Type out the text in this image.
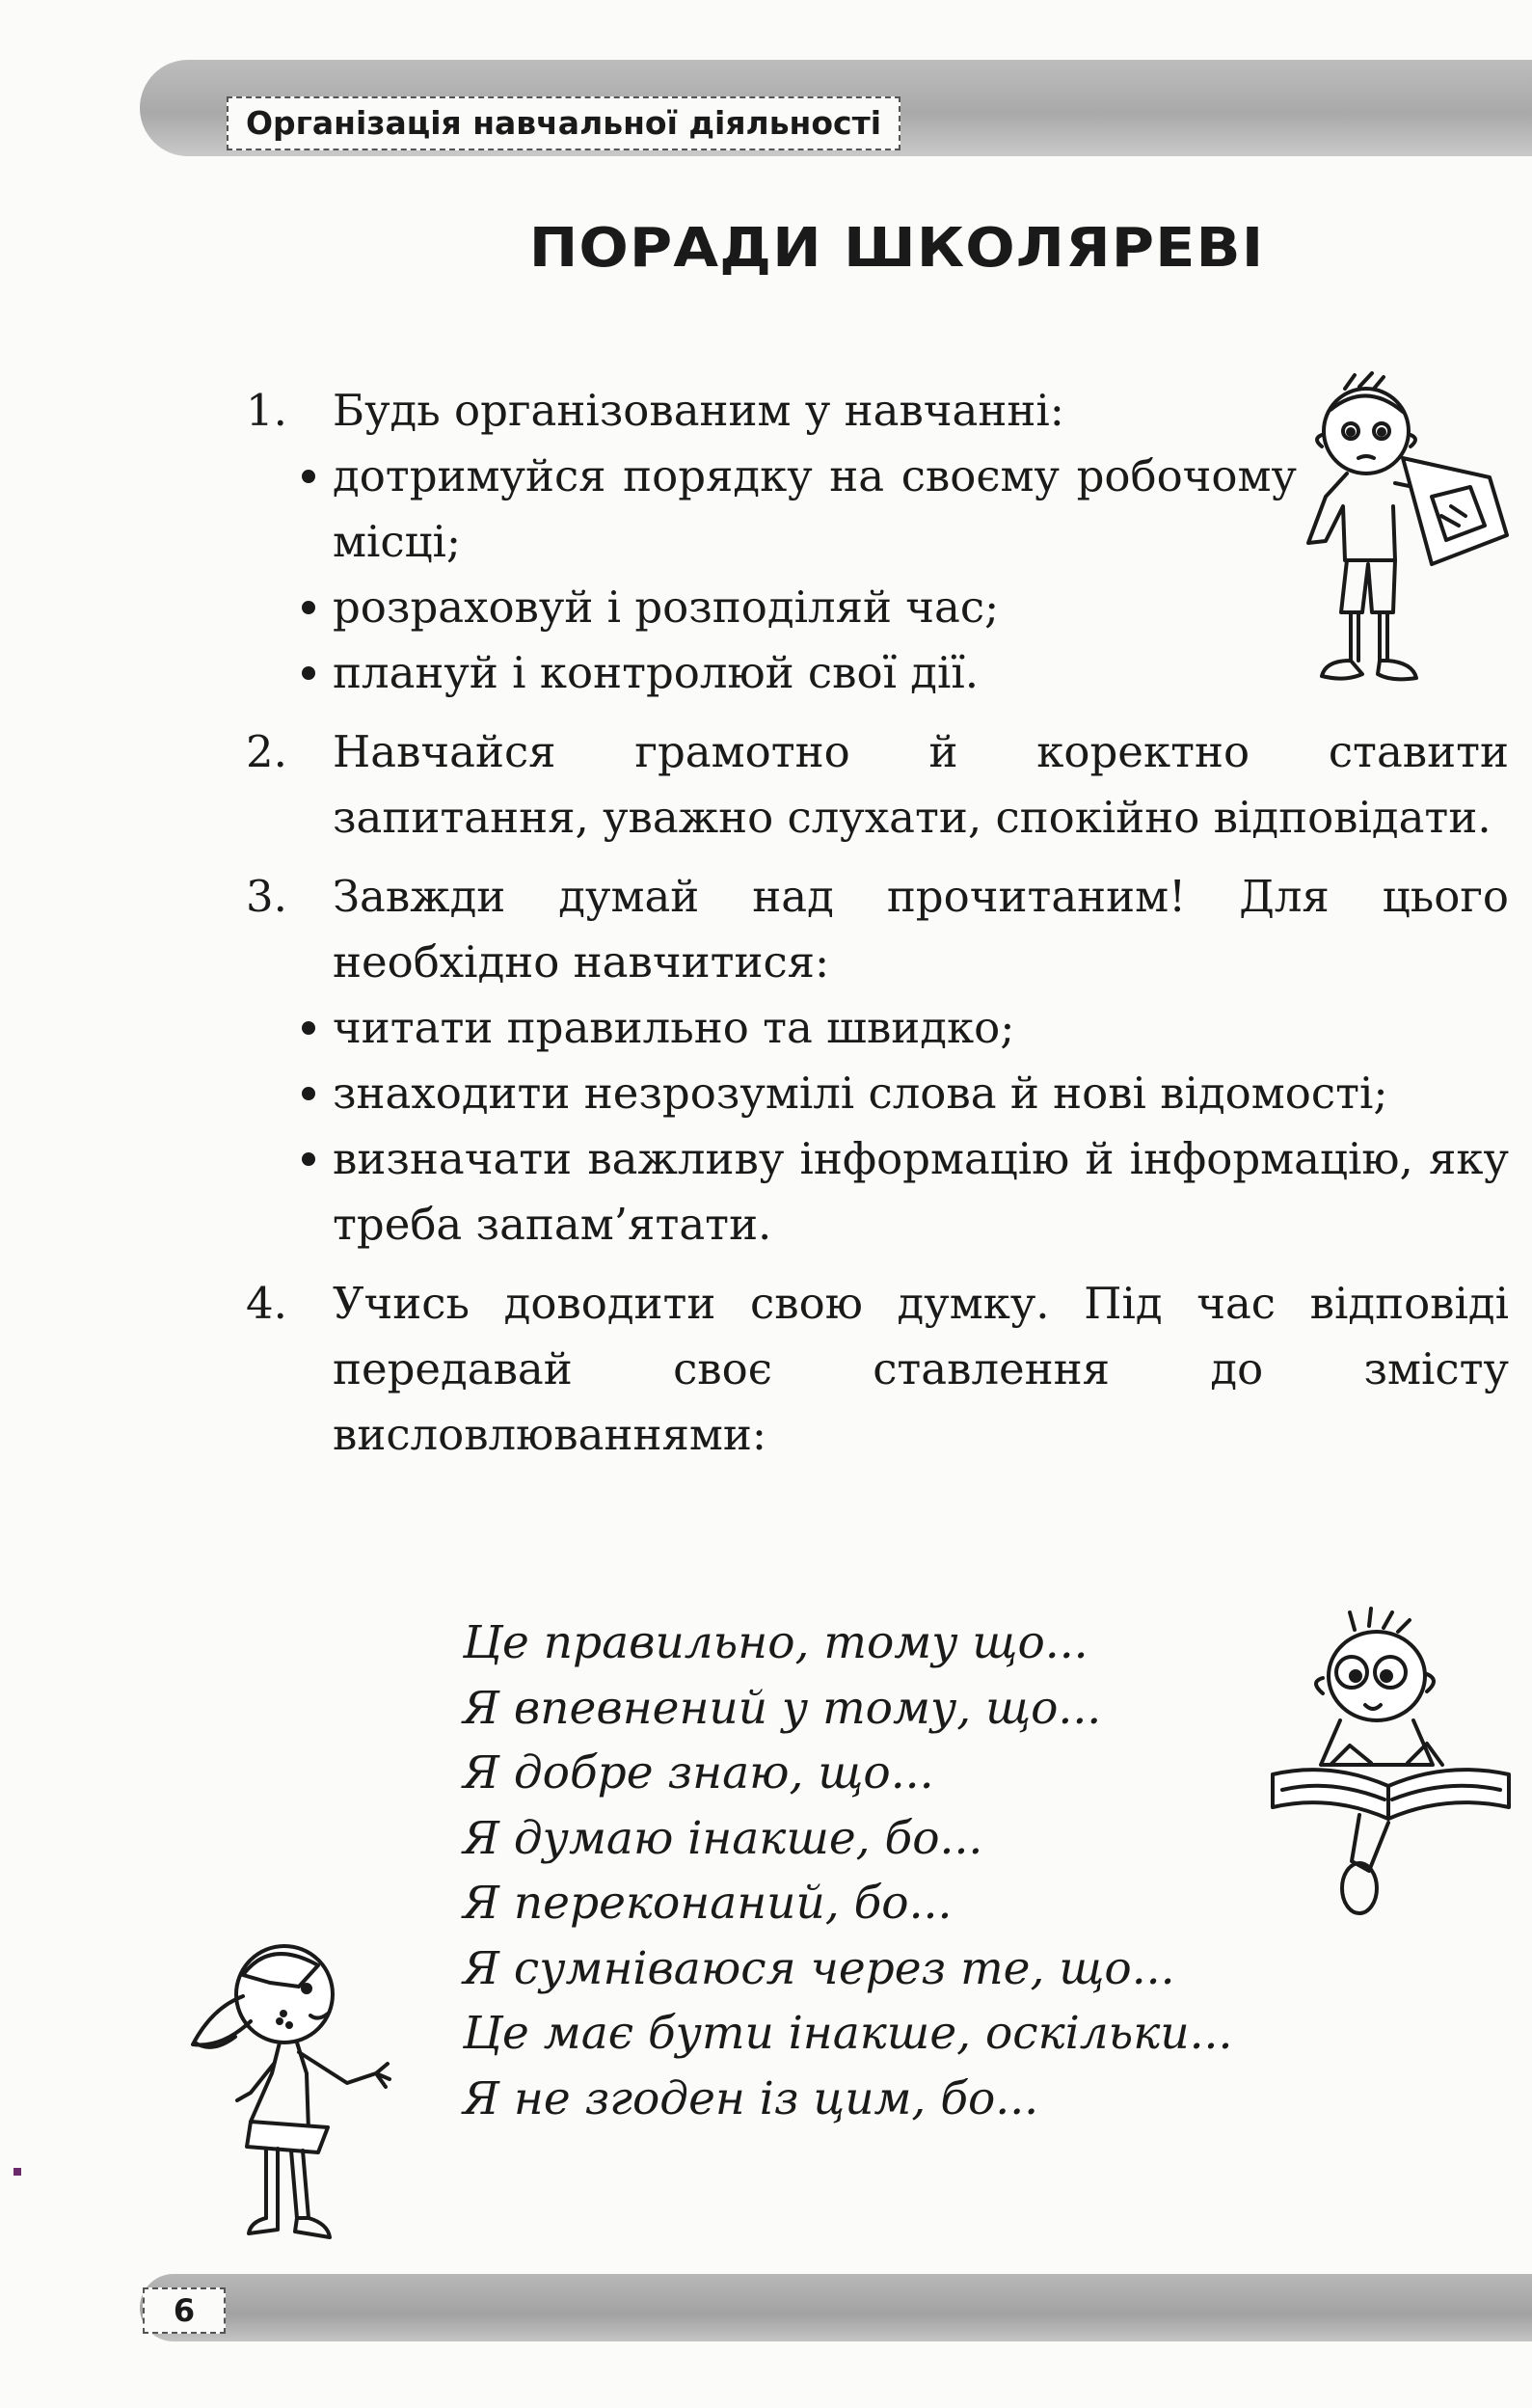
Організація навчальної діяльності
ПОРАДИ ШКОЛЯРЕВІ
1. Будь організованим у навчанні:
дотримуйся порядку на своєму робочому місці;
розраховуй і розподіляй час;
плануй і контролюй свої дії.
2. Навчайся грамотно й коректно ставити запитання, уважно слухати, спокійно відповідати.
3. Завжди думай над прочитаним! Для цього необхідно навчитися:
читати правильно та швидко;
знаходити незрозумілі слова й нові відомості;
визначати важливу інформацію й інформацію, яку треба запам’ятати.
4. Учись доводити свою думку. Під час відповіді передавай своє ставлення до змісту висловлюваннями:
Це правильно, тому що...
Я впевнений у тому, що...
Я добре знаю, що...
Я думаю інакше, бо...
Я переконаний, бо...
Я сумніваюся через те, що...
Це має бути інакше, оскільки...
Я не згоден із цим, бо...
6
